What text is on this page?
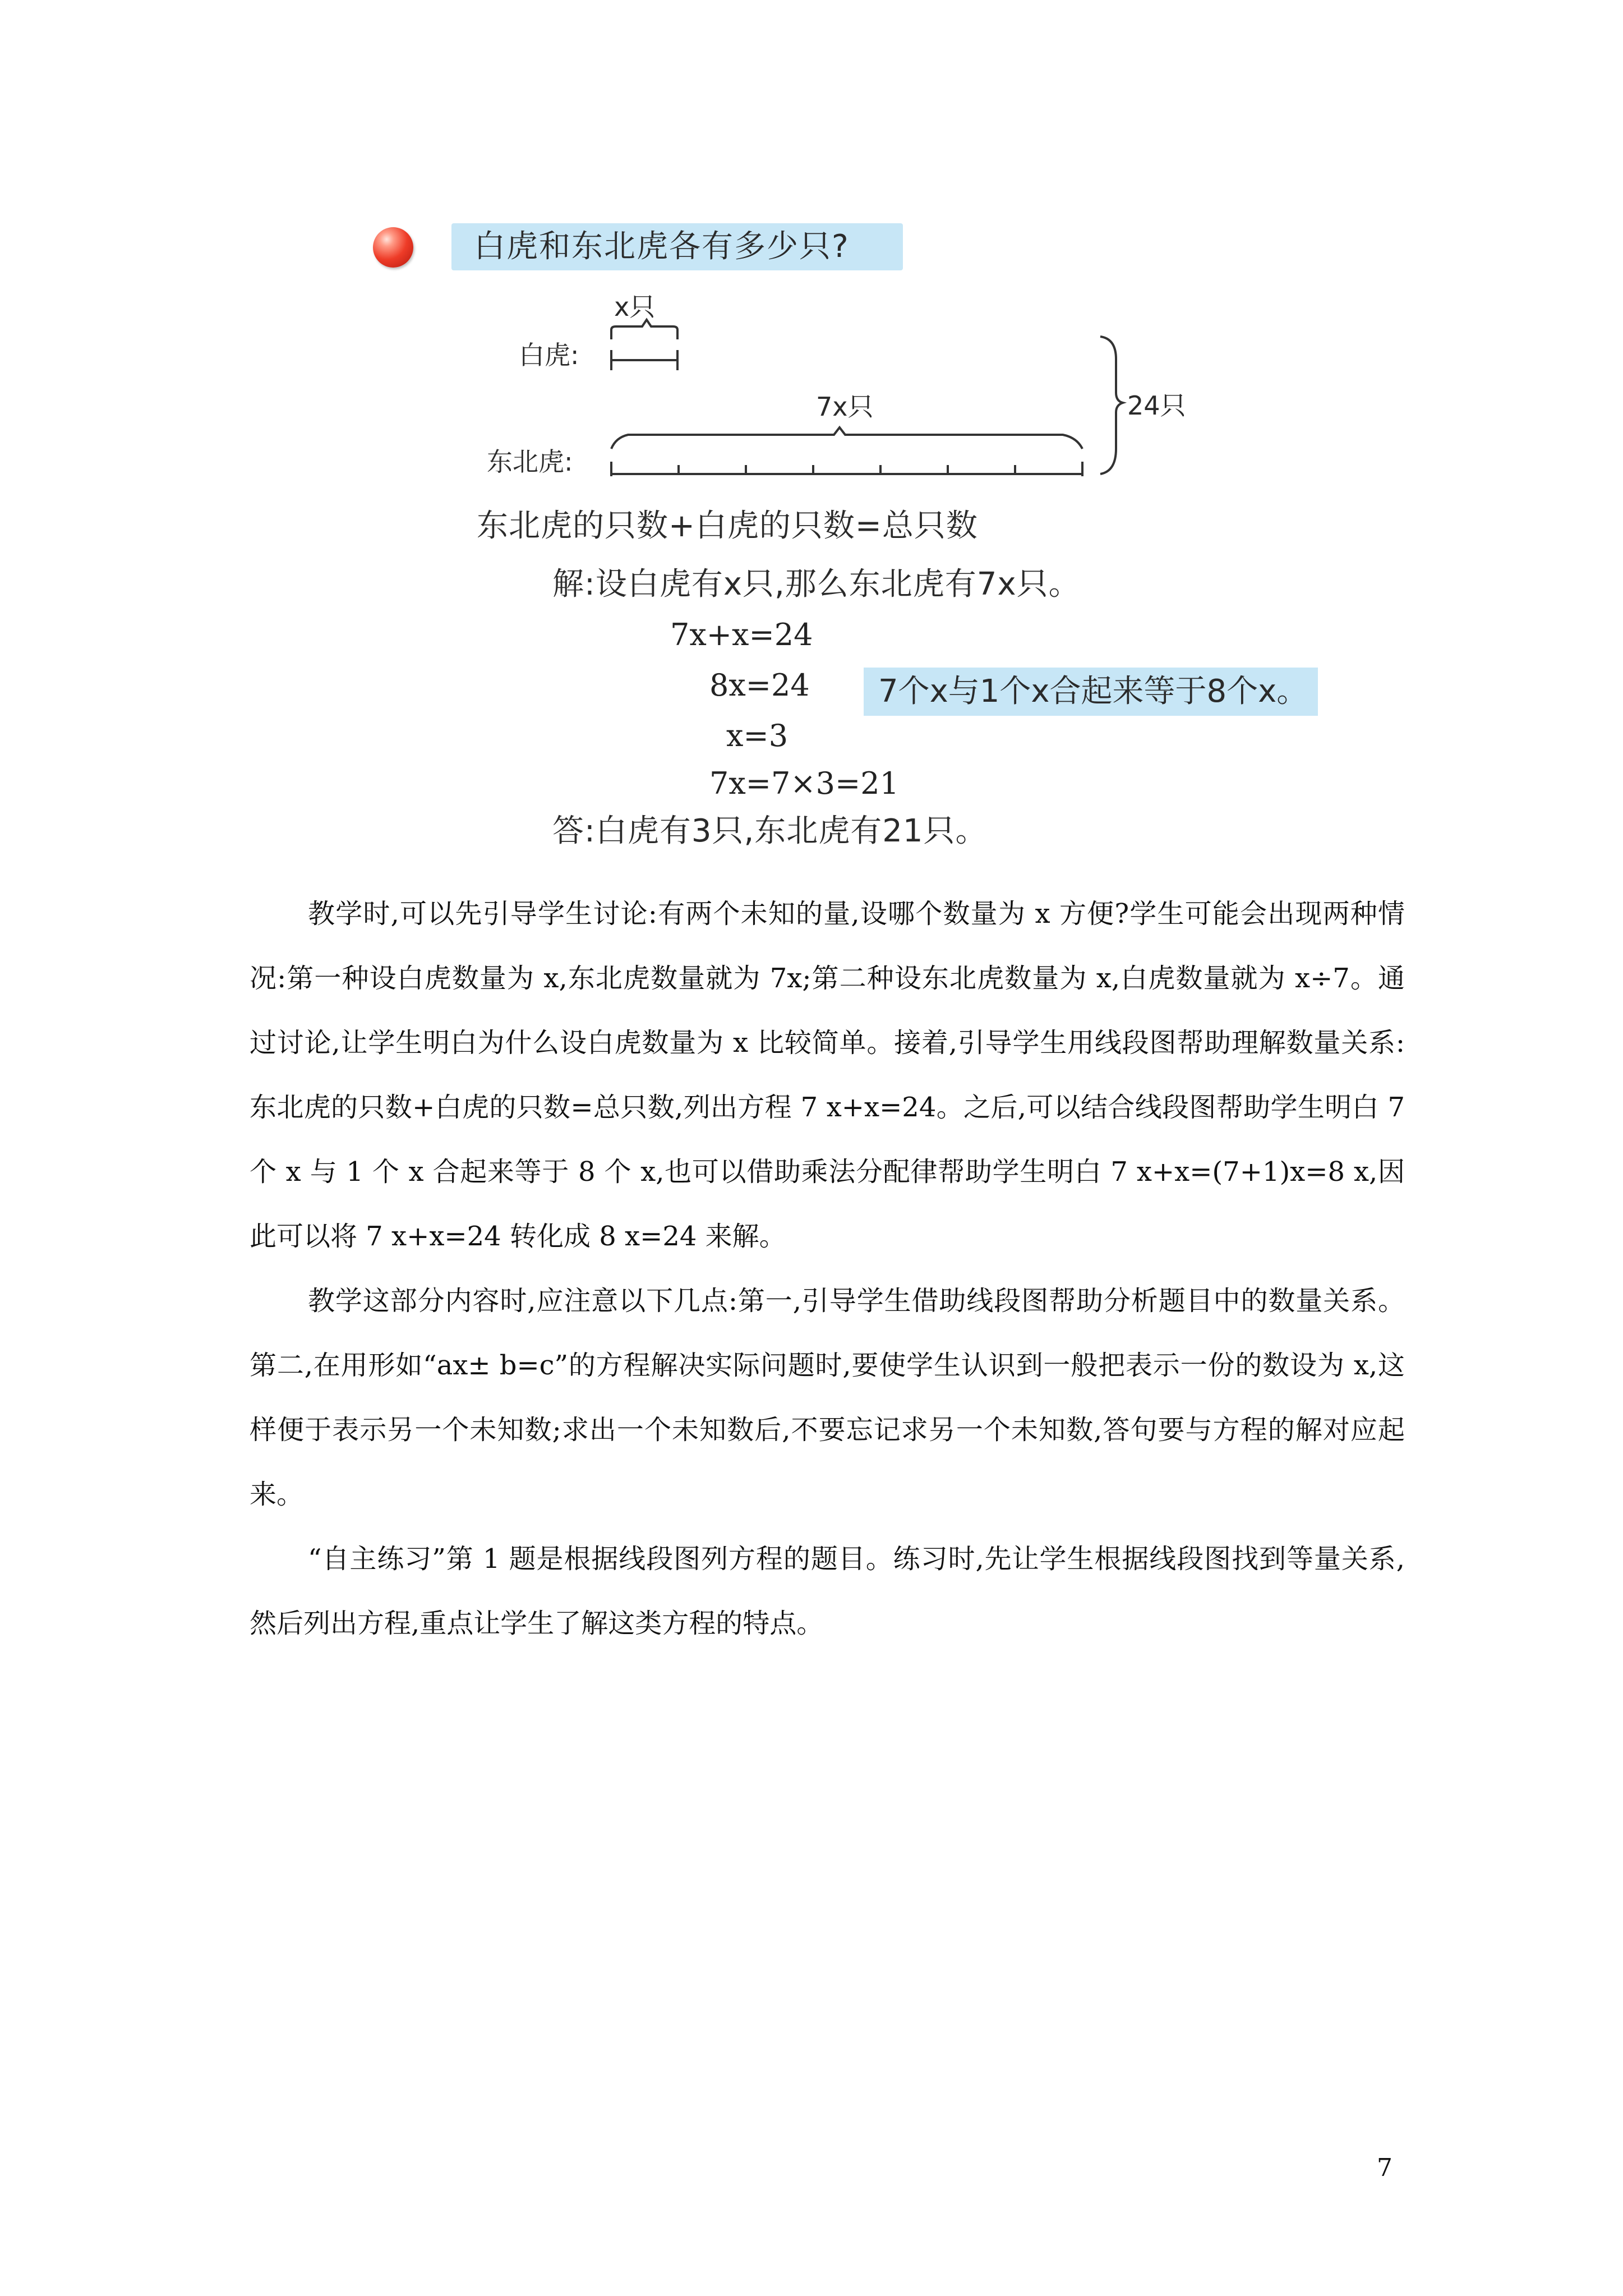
白虎和东北虎各有多少只?
x只
白虎:
7x只	24只
东北虎:
东北虎的只数+白虎的只数=总只数
解:设白虎有x只,那么东北虎有7x只。
7x+x=24
8x=24	7个x与1个x合起来等于8个x。
x=3
7x=7×3=21
答:白虎有3只,东北虎有21只。
教学时,可以先引导学生讨论:有两个未知的量,设哪个数量为 x 方便?学生可能会出现两种情况:第一种设白虎数量为 x,东北虎数量就为 7x;第二种设东北虎数量为 x,白虎数量就为 x÷7。通过讨论,让学生明白为什么设白虎数量为 x 比较简单。接着,引导学生用线段图帮助理解数量关系:东北虎的只数+白虎的只数=总只数,列出方程 7 x+x=24。之后,可以结合线段图帮助学生明白 7 个 x 与 1 个 x 合起来等于 8 个 x,也可以借助乘法分配律帮助学生明白 7 x+x=(7+1)x=8 x,因此可以将 7 x+x=24 转化成 8 x=24 来解。
教学这部分内容时,应注意以下几点:第一,引导学生借助线段图帮助分析题目中的数量关系。第二,在用形如“ax± b=c”的方程解决实际问题时,要使学生认识到一般把表示一份的数设为 x,这样便于表示另一个未知数;求出一个未知数后,不要忘记求另一个未知数,答句要与方程的解对应起来。
“自主练习”第 1 题是根据线段图列方程的题目。练习时,先让学生根据线段图找到等量关系,然后列出方程,重点让学生了解这类方程的特点。
7
